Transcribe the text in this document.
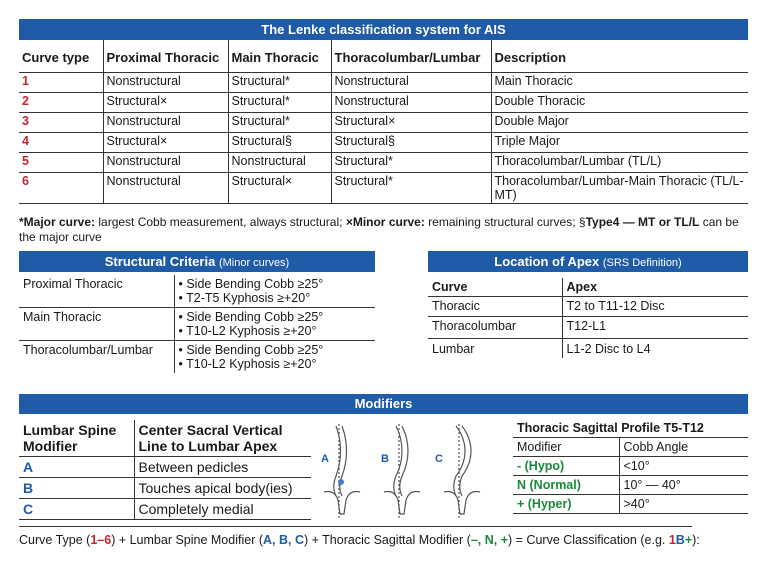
The Lenke classification system for AIS
Curve type	Proximal Thoracic	Main Thoracic	Thoracolumbar/Lumbar	Description
1	Nonstructural	Structural*	Nonstructural	Main Thoracic
2	Structural×	Structural*	Nonstructural	Double Thoracic
3	Nonstructural	Structural*	Structural×	Double Major
4	Structural×	Structural§	Structural§	Triple Major
5	Nonstructural	Nonstructural	Structural*	Thoracolumbar/Lumbar (TL/L)
6	Nonstructural	Structural×	Structural*	Thoracolumbar/Lumbar-Main Thoracic (TL/L-MT)
*Major curve: largest Cobb measurement, always structural; ×Minor curve: remaining structural curves; §Type4 — MT or TL/L can be the major curve
Structural Criteria (Minor curves)
Proximal Thoracic	• Side Bending Cobb ≥25°
• T2-T5 Kyphosis ≥+20°

Main Thoracic	• Side Bending Cobb ≥25°
• T10-L2 Kyphosis ≥+20°

Thoracolumbar/Lumbar	• Side Bending Cobb ≥25°
• T10-L2 Kyphosis ≥+20°
Location of Apex (SRS Definition)
Curve	Apex
Thoracic	T2 to T11-12 Disc
Thoracolumbar	T12-L1
Lumbar	L1-2 Disc to L4
Modifiers
Lumbar Spine Modifier	Center Sacral Vertical Line to Lumbar Apex
A	Between pedicles
B	Touches apical body(ies)
C	Completely medial
A	B	C
Thoracic Sagittal Profile T5-T12
Modifier	Cobb Angle
- (Hypo)	<10°
N (Normal)	10° — 40°
+ (Hyper)	>40°
Curve Type (1–6) + Lumbar Spine Modifier (A, B, C) + Thoracic Sagittal Modifier (–, N, +) = Curve Classification (e.g. 1B+):
